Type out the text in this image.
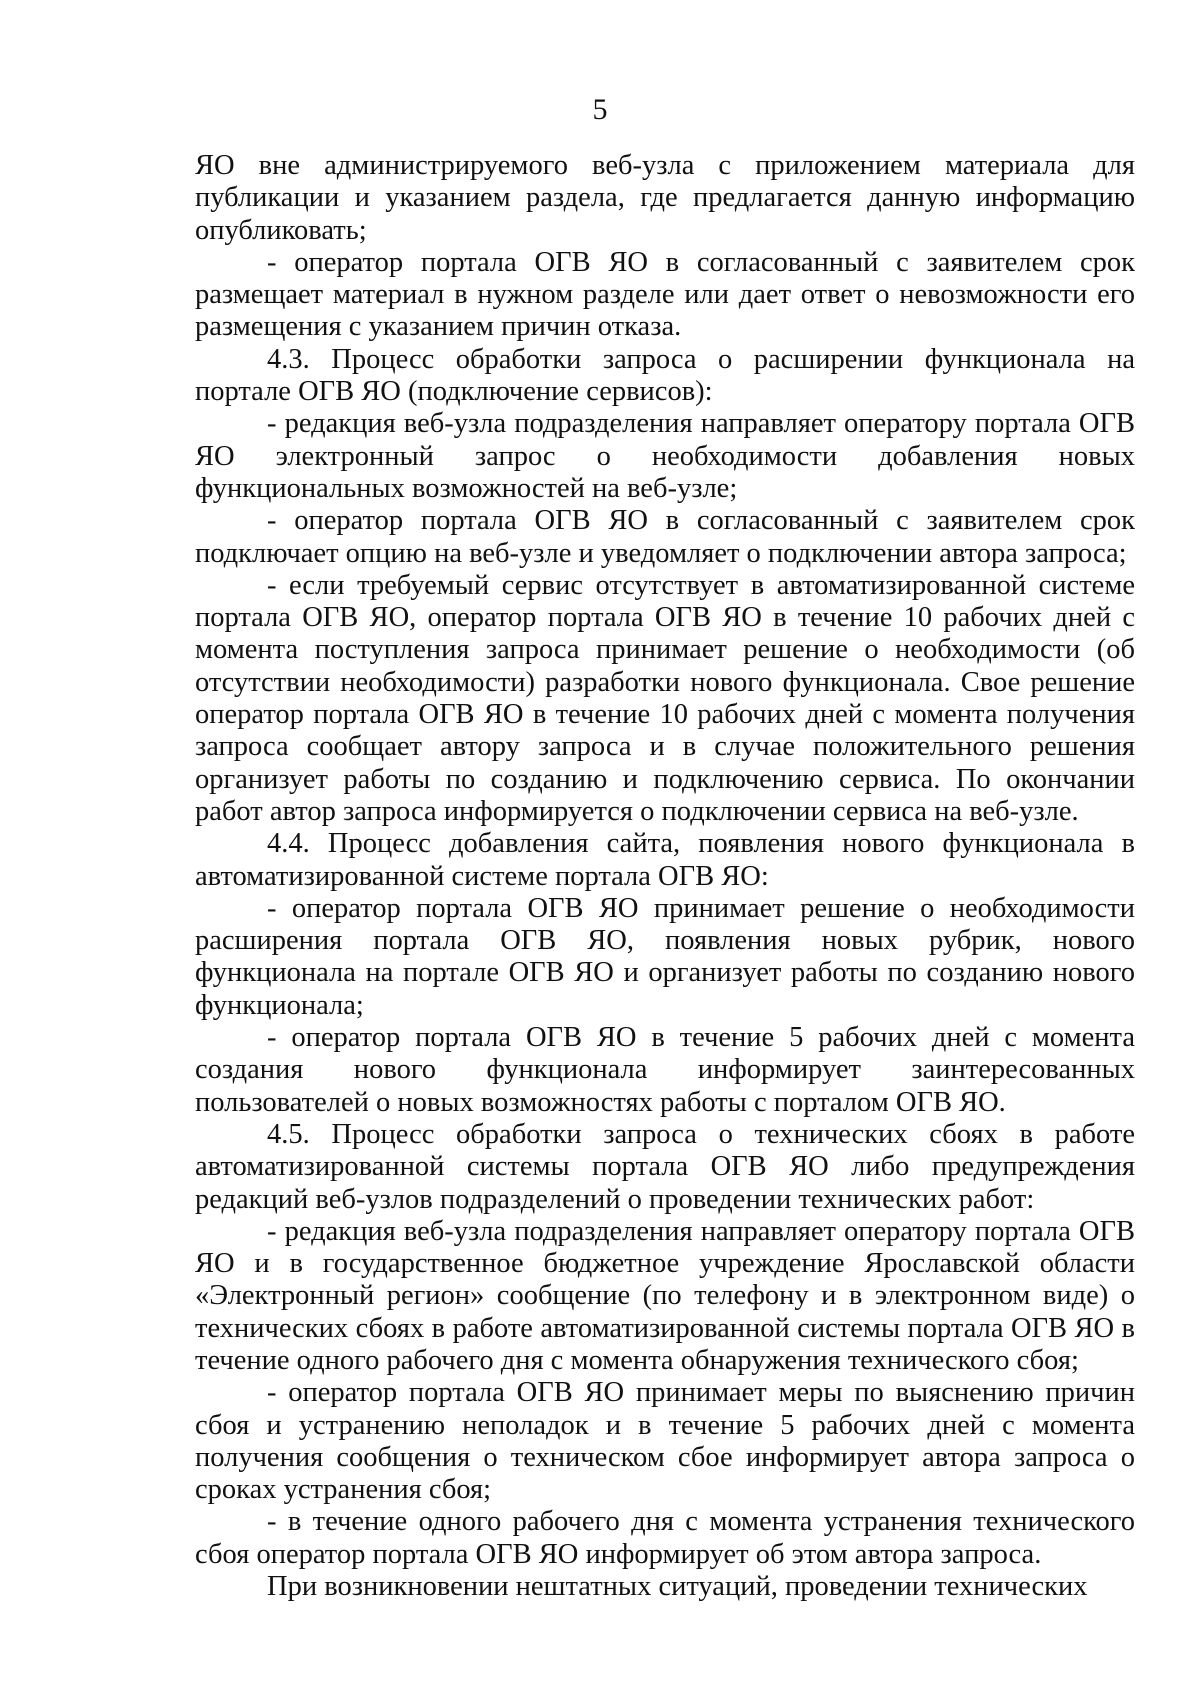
5

ЯО вне администрируемого веб-узла с приложением материала для публикации и указанием раздела, где предлагается данную информацию опубликовать;

- оператор портала ОГВ ЯО в согласованный с заявителем срок размещает материал в нужном разделе или дает ответ о невозможности его размещения с указанием причин отказа.

4.3. Процесс обработки запроса о расширении функционала на портале ОГВ ЯО (подключение сервисов):

- редакция веб-узла подразделения направляет оператору портала ОГВ ЯО электронный запрос о необходимости добавления новых функциональных возможностей на веб-узле;

- оператор портала ОГВ ЯО в согласованный с заявителем срок подключает опцию на веб-узле и уведомляет о подключении автора запроса;

- если требуемый сервис отсутствует в автоматизированной системе портала ОГВ ЯО, оператор портала ОГВ ЯО в течение 10 рабочих дней с момента поступления запроса принимает решение о необходимости (об отсутствии необходимости) разработки нового функционала. Свое решение оператор портала ОГВ ЯО в течение 10 рабочих дней с момента получения запроса сообщает автору запроса и в случае положительного решения организует работы по созданию и подключению сервиса. По окончании работ автор запроса информируется о подключении сервиса на веб-узле.

4.4. Процесс добавления сайта, появления нового функционала в автоматизированной системе портала ОГВ ЯО:

- оператор портала ОГВ ЯО принимает решение о необходимости расширения портала ОГВ ЯО, появления новых рубрик, нового функционала на портале ОГВ ЯО и организует работы по созданию нового функционала;

- оператор портала ОГВ ЯО в течение 5 рабочих дней с момента создания нового функционала информирует заинтересованных пользователей о новых возможностях работы с порталом ОГВ ЯО.

4.5. Процесс обработки запроса о технических сбоях в работе автоматизированной системы портала ОГВ ЯО либо предупреждения редакций веб-узлов подразделений о проведении технических работ:

- редакция веб-узла подразделения направляет оператору портала ОГВ ЯО и в государственное бюджетное учреждение Ярославской области «Электронный регион» сообщение (по телефону и в электронном виде) о технических сбоях в работе автоматизированной системы портала ОГВ ЯО в течение одного рабочего дня с момента обнаружения технического сбоя;

- оператор портала ОГВ ЯО принимает меры по выяснению причин сбоя и устранению неполадок и в течение 5 рабочих дней с момента получения сообщения о техническом сбое информирует автора запроса о сроках устранения сбоя;

- в течение одного рабочего дня с момента устранения технического сбоя оператор портала ОГВ ЯО информирует об этом автора запроса.

При возникновении нештатных ситуаций, проведении технических
